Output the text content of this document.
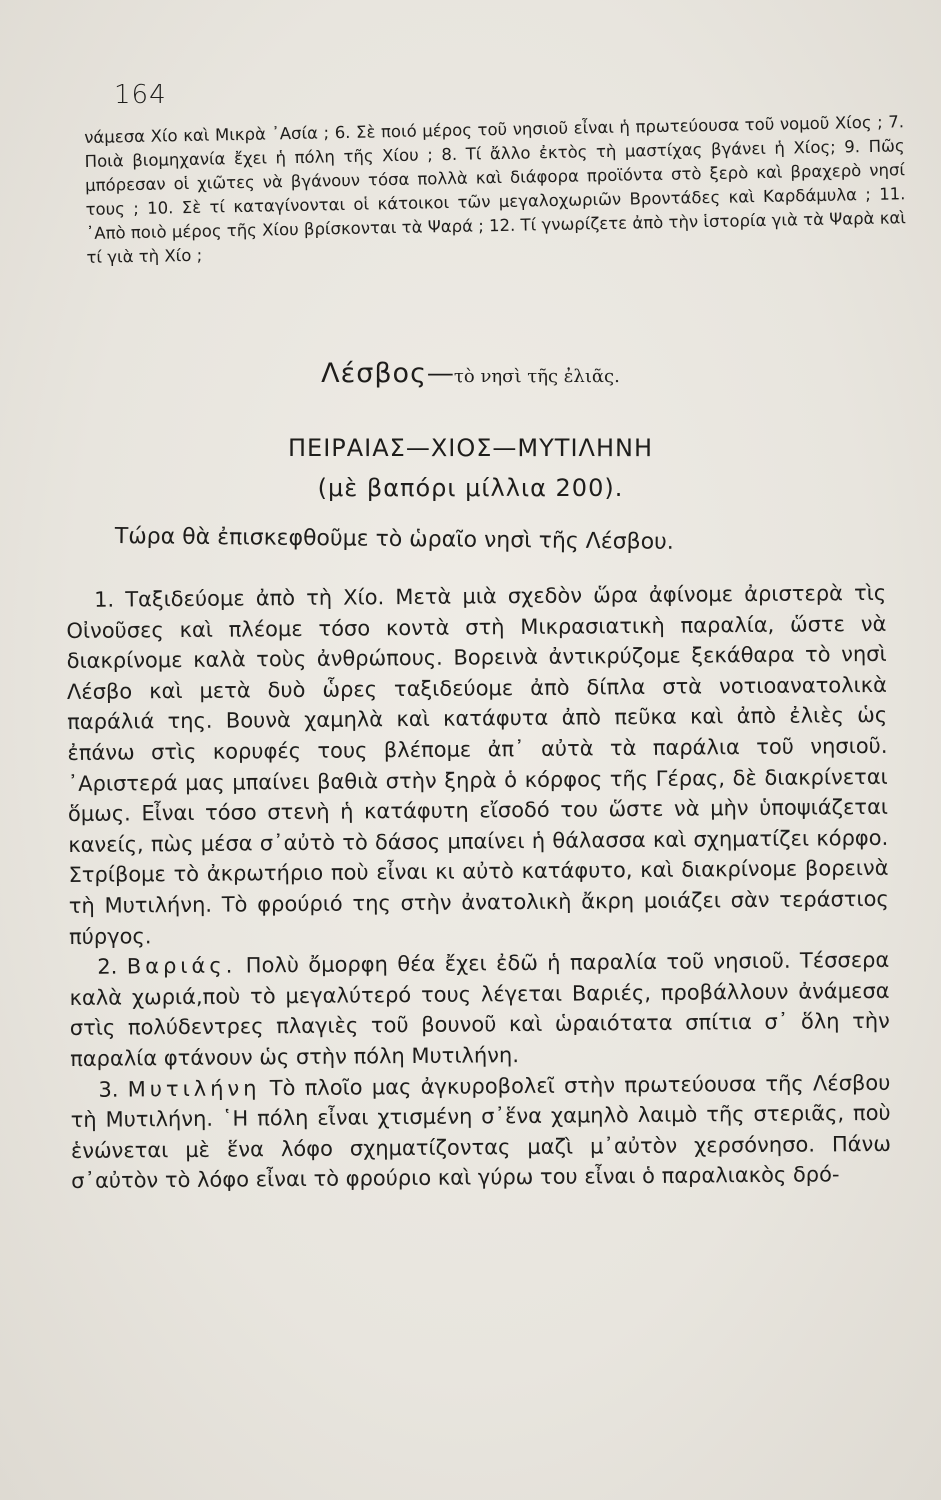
164
νάμεσα Χίο καὶ Μικρὰ ᾿Ασία ; 6. Σὲ ποιό μέρος τοῦ νησιοῦ εἶναι ἡ πρωτεύουσα τοῦ νομοῦ Χίος ; 7. Ποιὰ βιομηχανία ἔχει ἡ πόλη τῆς Χίου ; 8. Τί ἄλλο ἐκτὸς τὴ μαστίχας βγάνει ἡ Χίος; 9. Πῶς μπόρεσαν οἱ χιῶτες νὰ βγάνουν τόσα πολλὰ καὶ διάφορα προϊόντα στὸ ξερὸ καὶ βραχερὸ νησί τους ; 10. Σὲ τί καταγίνονται οἱ κάτοικοι τῶν μεγαλοχωριῶν Βροντάδες καὶ Καρδάμυλα ; 11. ᾿Απὸ ποιὸ μέρος τῆς Χίου βρίσκονται τὰ Ψαρά ; 12. Τί γνωρίζετε ἀπὸ τὴν ἱστορία γιὰ τὰ Ψαρὰ καὶ τί γιὰ τὴ Χίο ;
Λέσβος—τὸ νησὶ τῆς ἐλιᾶς.
ΠΕΙΡΑΙΑΣ—ΧΙΟΣ—ΜΥΤΙΛΗΝΗ
(μὲ βαπόρι μίλλια 200).
Τώρα θὰ ἐπισκεφθοῦμε τὸ ὡραῖο νησὶ τῆς Λέσβου.

1. Ταξιδεύομε ἀπὸ τὴ Χίο. Μετὰ μιὰ σχεδὸν ὥρα ἀφίνομε ἀριστερὰ τὶς Οἰνοῦσες καὶ πλέομε τόσο κοντὰ στὴ Μικρασιατικὴ παραλία, ὥστε νὰ διακρίνομε καλὰ τοὺς ἀνθρώπους. Βορεινὰ ἀντικρύζομε ξεκάθαρα τὸ νησὶ Λέσβο καὶ μετὰ δυὸ ὧρες ταξιδεύομε ἀπὸ δίπλα στὰ νοτιοανατολικὰ παράλιά της. Βουνὰ χαμηλὰ καὶ κατάφυτα ἀπὸ πεῦκα καὶ ἀπὸ ἐλιὲς ὡς ἐπάνω στὶς κορυφές τους βλέπομε ἀπ᾿ αὐτὰ τὰ παράλια τοῦ νησιοῦ. ᾿Αριστερά μας μπαίνει βαθιὰ στὴν ξηρὰ ὁ κόρφος τῆς Γέρας, δὲ διακρίνεται ὅμως. Εἶναι τόσο στενὴ ἡ κατάφυτη εἴσοδό του ὥστε νὰ μὴν ὑποψιάζεται κανείς, πὼς μέσα σ᾿αὐτὸ τὸ δάσος μπαίνει ἡ θάλασσα καὶ σχηματίζει κόρφο. Στρίβομε τὸ ἀκρωτήριο ποὺ εἶναι κι αὐτὸ κατάφυτο, καὶ διακρίνομε βορεινὰ τὴ Μυτιλήνη. Τὸ φρούριό της στὴν ἀνατολικὴ ἄκρη μοιάζει σὰν τεράστιος πύργος.

2. Βαριάς. Πολὺ ὄμορφη θέα ἔχει ἐδῶ ἡ παραλία τοῦ νησιοῦ. Τέσσερα καλὰ χωριά,ποὺ τὸ μεγαλύτερό τους λέγεται Βαριές, προβάλλουν ἀνάμεσα στὶς πολύδεντρες πλαγιὲς τοῦ βουνοῦ καὶ ὡραιότατα σπίτια σ᾿ ὅλη τὴν παραλία φτάνουν ὡς στὴν πόλη Μυτιλήνη.

3. Μυτιλήνη Τὸ πλοῖο μας ἀγκυροβολεῖ στὴν πρωτεύουσα τῆς Λέσβου τὴ Μυτιλήνη. ῾Η πόλη εἶναι χτισμένη σ᾿ἕνα χαμηλὸ λαιμὸ τῆς στεριᾶς, ποὺ ἑνώνεται μὲ ἕνα λόφο σχηματίζοντας μαζὶ μ᾿αὐτὸν χερσόνησο. Πάνω σ᾿αὐτὸν τὸ λόφο εἶναι τὸ φρούριο καὶ γύρω του εἶναι ὁ παραλιακὸς δρό-
